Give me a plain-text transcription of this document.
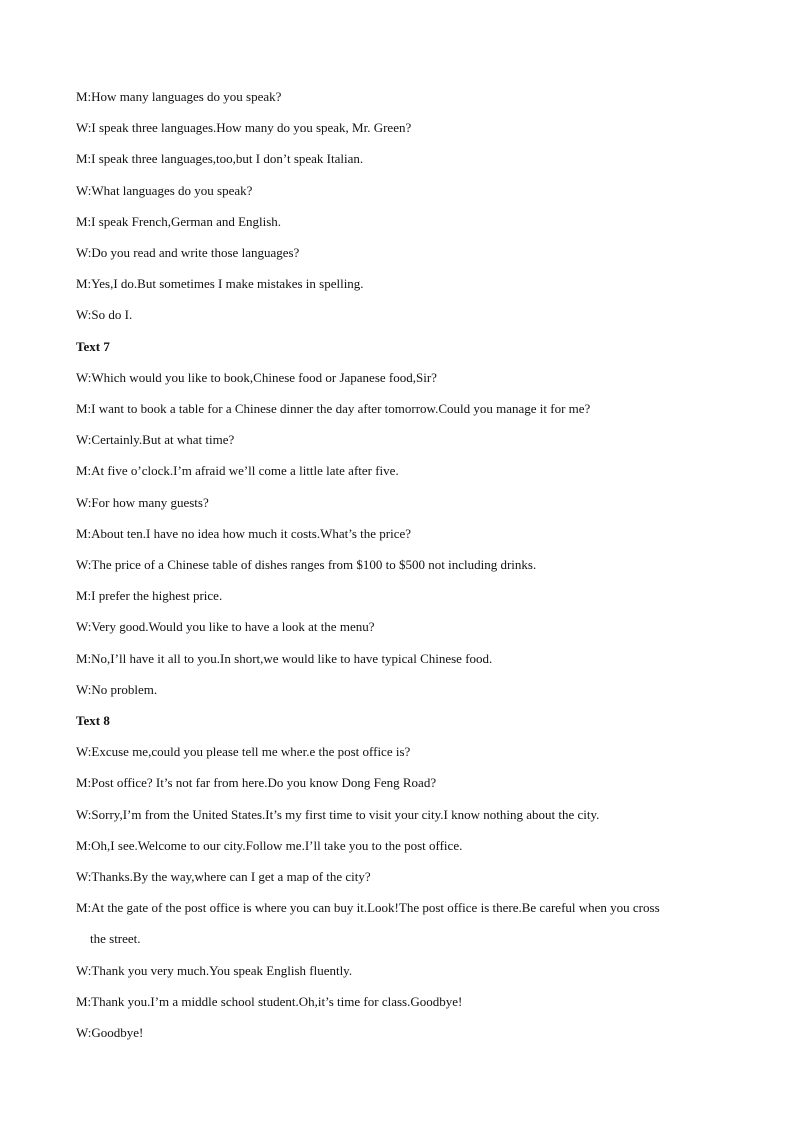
M:How many languages do you speak?

W:I speak three languages.How many do you speak, Mr. Green?

M:I speak three languages,too,but I don’t speak Italian.

W:What languages do you speak?

M:I speak French,German and English.

W:Do you read and write those languages?

M:Yes,I do.But sometimes I make mistakes in spelling.

W:So do I.

Text 7

W:Which would you like to book,Chinese food or Japanese food,Sir?

M:I want to book a table for a Chinese dinner the day after tomorrow.Could you manage it for me?

W:Certainly.But at what time?

M:At five o’clock.I’m afraid we’ll come a little late after five.

W:For how many guests?

M:About ten.I have no idea how much it costs.What’s the price?

W:The price of a Chinese table of dishes ranges from $100 to $500 not including drinks.

M:I prefer the highest price.

W:Very good.Would you like to have a look at the menu?

M:No,I’ll have it all to you.In short,we would like to have typical Chinese food.

W:No problem.

Text 8

W:Excuse me,could you please tell me wher.e the post office is?

M:Post office? It’s not far from here.Do you know Dong Feng Road?

W:Sorry,I’m from the United States.It’s my first time to visit your city.I know nothing about the city.

M:Oh,I see.Welcome to our city.Follow me.I’ll take you to the post office.

W:Thanks.By the way,where can I get a map of the city?

M:At the gate of the post office is where you can buy it.Look!The post office is there.Be careful when you cross
the street.

W:Thank you very much.You speak English fluently.

M:Thank you.I’m a middle school student.Oh,it’s time for class.Goodbye!

W:Goodbye!
